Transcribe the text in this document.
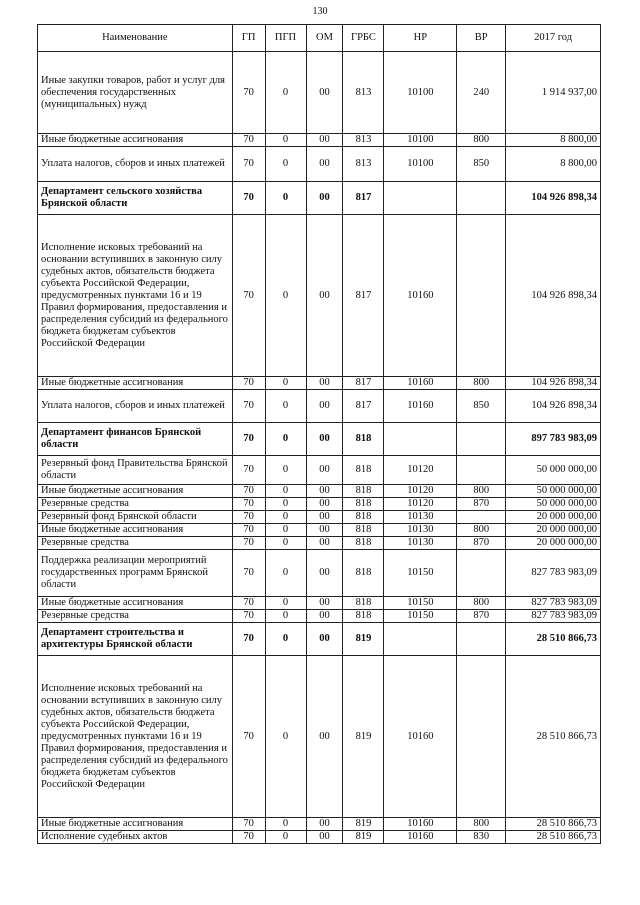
130
Наименование	ГП	ПГП	ОМ	ГРБС	НР	ВР	2017 год
Иные закупки товаров, работ и услуг для обеспечения государственных (муниципальных) нужд	70	0	00	813	10100	240	1 914 937,00
Иные бюджетные ассигнования	70	0	00	813	10100	800	8 800,00
Уплата налогов, сборов и иных платежей	70	0	00	813	10100	850	8 800,00
Департамент сельского хозяйства Брянской области	70	0	00	817			104 926 898,34
Исполнение исковых требований на основании вступивших в законную силу судебных актов, обязательств бюджета субъекта Российской Федерации, предусмотренных пунктами 16 и 19 Правил формирования, предоставления и распределения субсидий из федерального бюджета бюджетам субъектов Российской Федерации	70	0	00	817	10160		104 926 898,34
Иные бюджетные ассигнования	70	0	00	817	10160	800	104 926 898,34
Уплата налогов, сборов и иных платежей	70	0	00	817	10160	850	104 926 898,34
Департамент финансов Брянской области	70	0	00	818			897 783 983,09
Резервный фонд Правительства Брянской области	70	0	00	818	10120		50 000 000,00
Иные бюджетные ассигнования	70	0	00	818	10120	800	50 000 000,00
Резервные средства	70	0	00	818	10120	870	50 000 000,00
Резервный фонд Брянской области	70	0	00	818	10130		20 000 000,00
Иные бюджетные ассигнования	70	0	00	818	10130	800	20 000 000,00
Резервные средства	70	0	00	818	10130	870	20 000 000,00
Поддержка реализации мероприятий государственных программ Брянской области	70	0	00	818	10150		827 783 983,09
Иные бюджетные ассигнования	70	0	00	818	10150	800	827 783 983,09
Резервные средства	70	0	00	818	10150	870	827 783 983,09
Департамент строительства и архитектуры Брянской области	70	0	00	819			28 510 866,73
Исполнение исковых требований на основании вступивших в законную силу судебных актов, обязательств бюджета субъекта Российской Федерации, предусмотренных пунктами 16 и 19 Правил формирования, предоставления и распределения субсидий из федерального бюджета бюджетам субъектов Российской Федерации	70	0	00	819	10160		28 510 866,73
Иные бюджетные ассигнования	70	0	00	819	10160	800	28 510 866,73
Исполнение судебных актов	70	0	00	819	10160	830	28 510 866,73
